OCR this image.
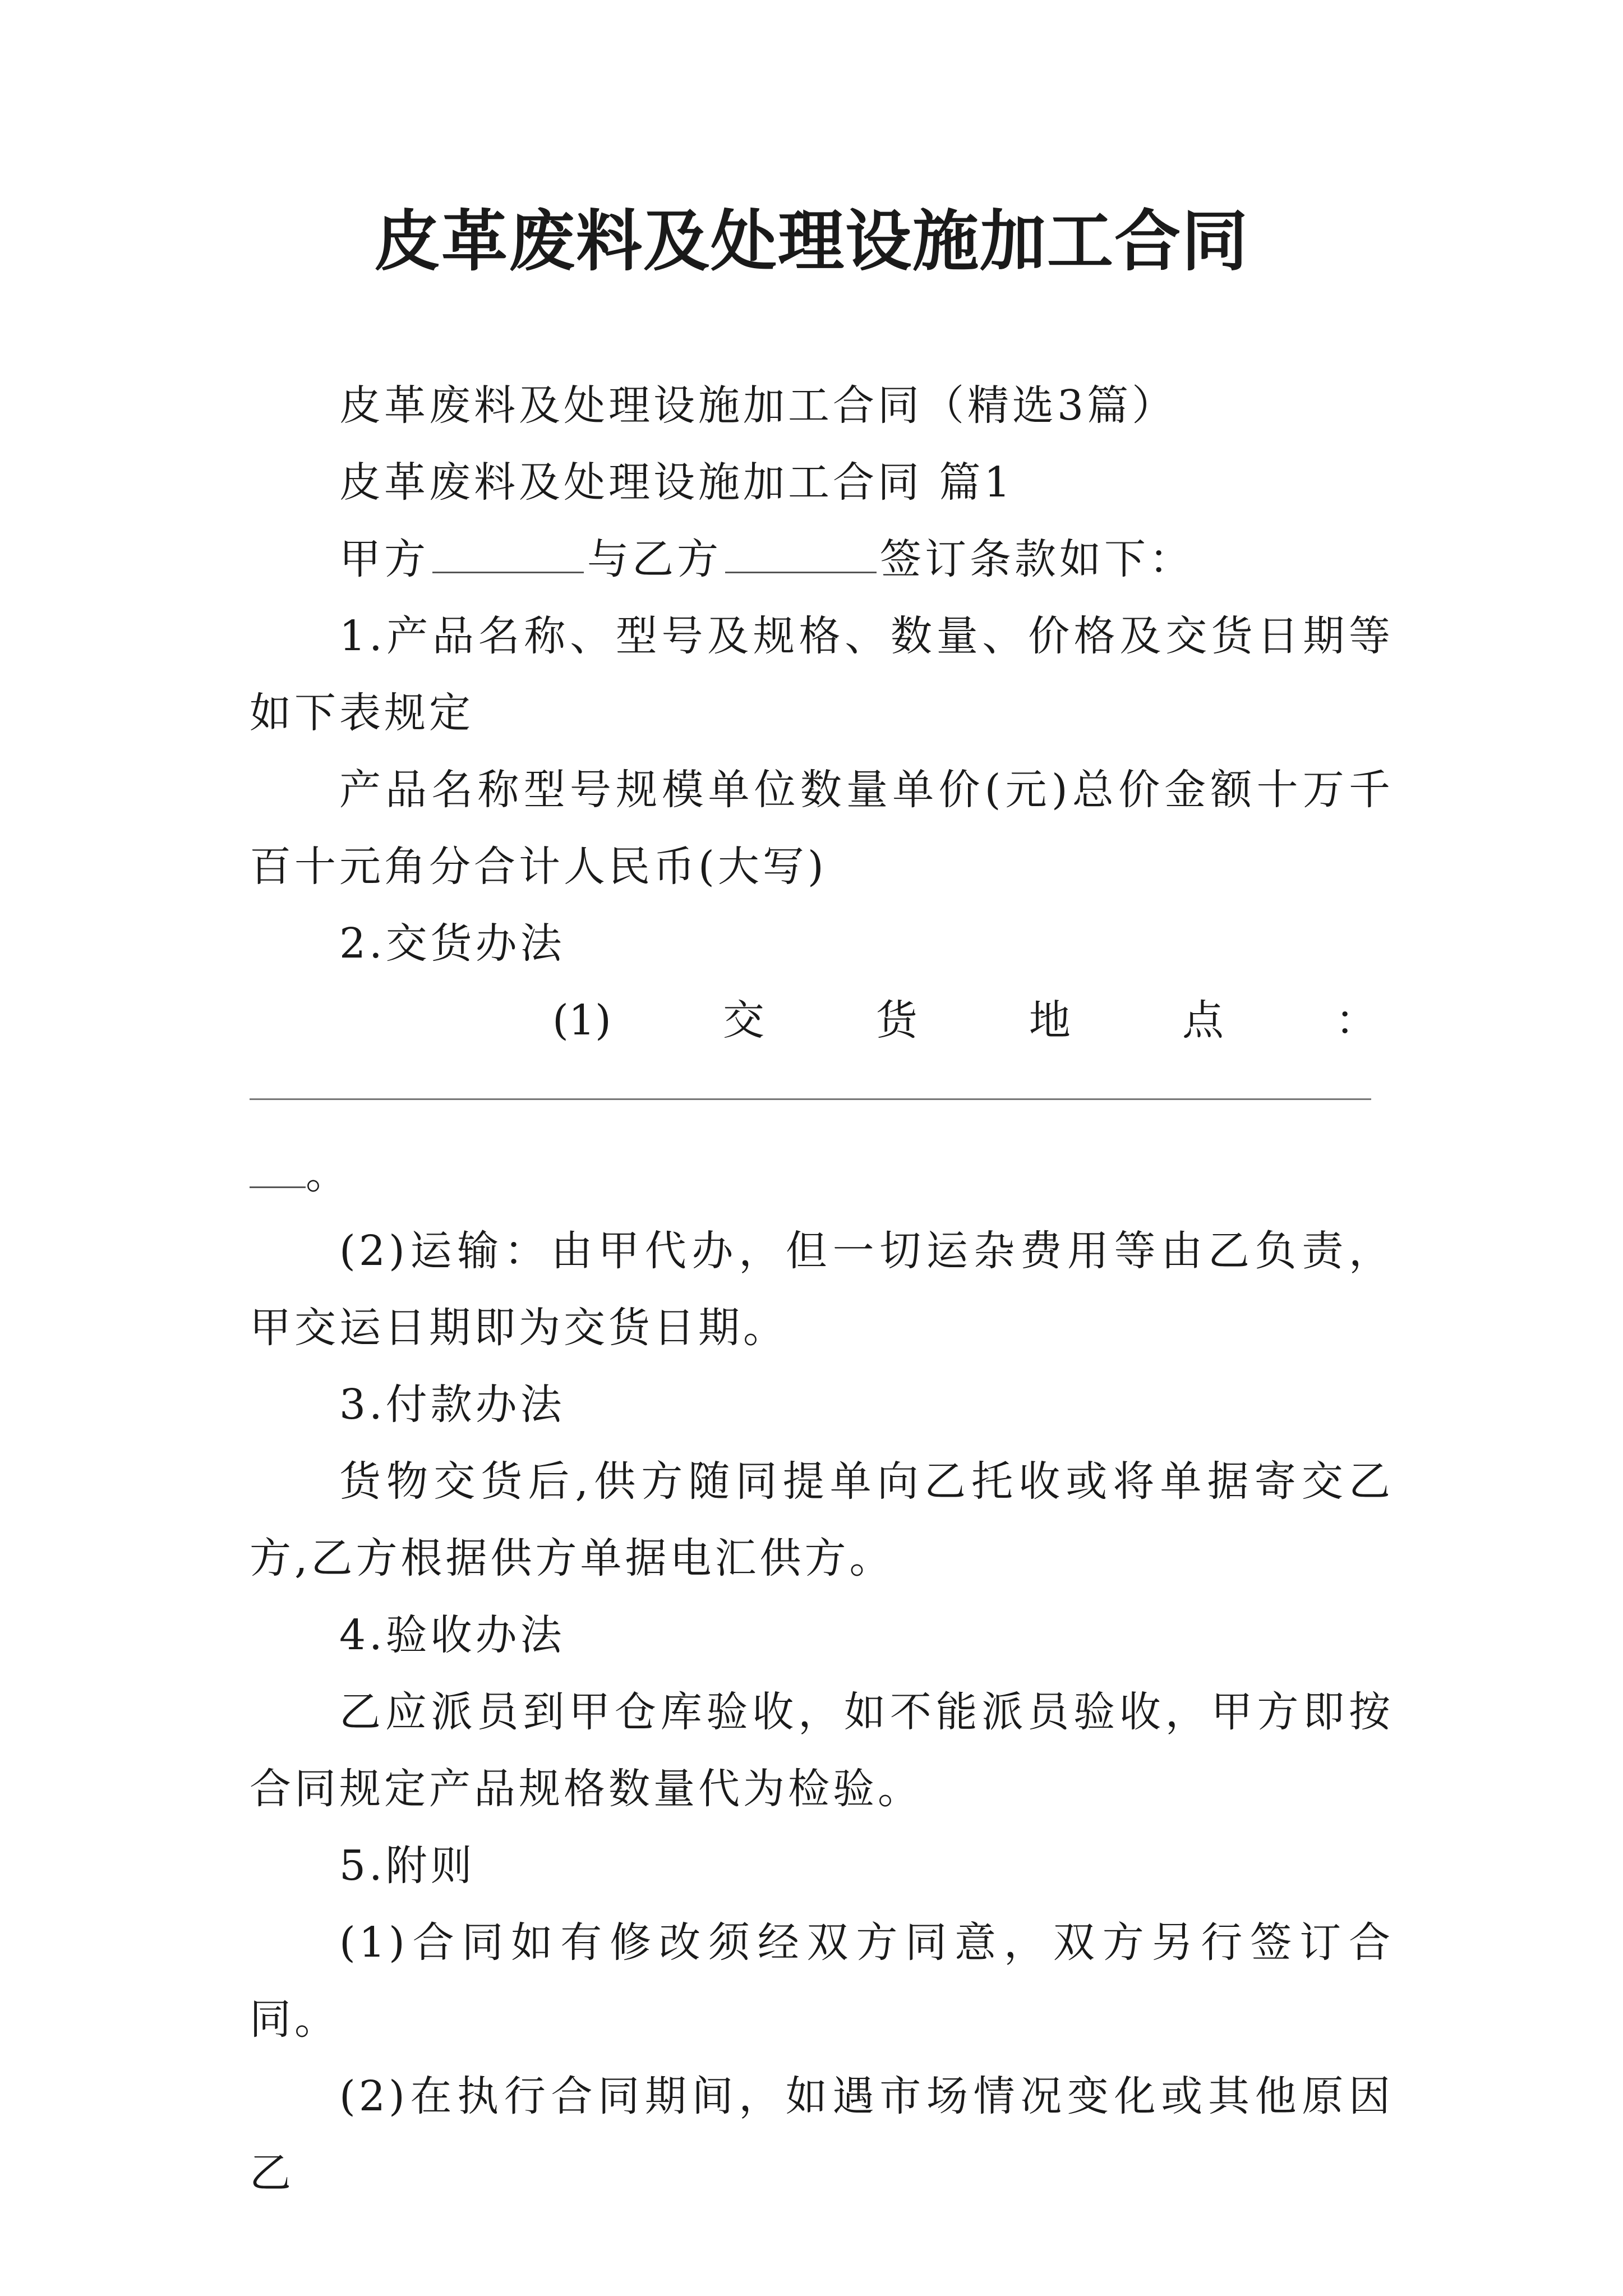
皮革废料及处理设施加工合同

皮革废料及处理设施加工合同（精选3篇）

皮革废料及处理设施加工合同 篇1

甲方	与乙方	签订条款如下：

1.产品名称、型号及规格、数量、价格及交货日期等如下表规定

产品名称型号规模单位数量单价(元)总价金额十万千百十元角分合计人民币(大写)

2.交货办法

(1)	交	货	地	点	：

。

(2)运输：由甲代办，但一切运杂费用等由乙负责，甲交运日期即为交货日期。

3.付款办法

货物交货后,供方随同提单向乙托收或将单据寄交乙方,乙方根据供方单据电汇供方。

4.验收办法

乙应派员到甲仓库验收，如不能派员验收，甲方即按合同规定产品规格数量代为检验。

5.附则

(1)合同如有修改须经双方同意，双方另行签订合同。

(2)在执行合同期间，如遇市场情况变化或其他原因乙
